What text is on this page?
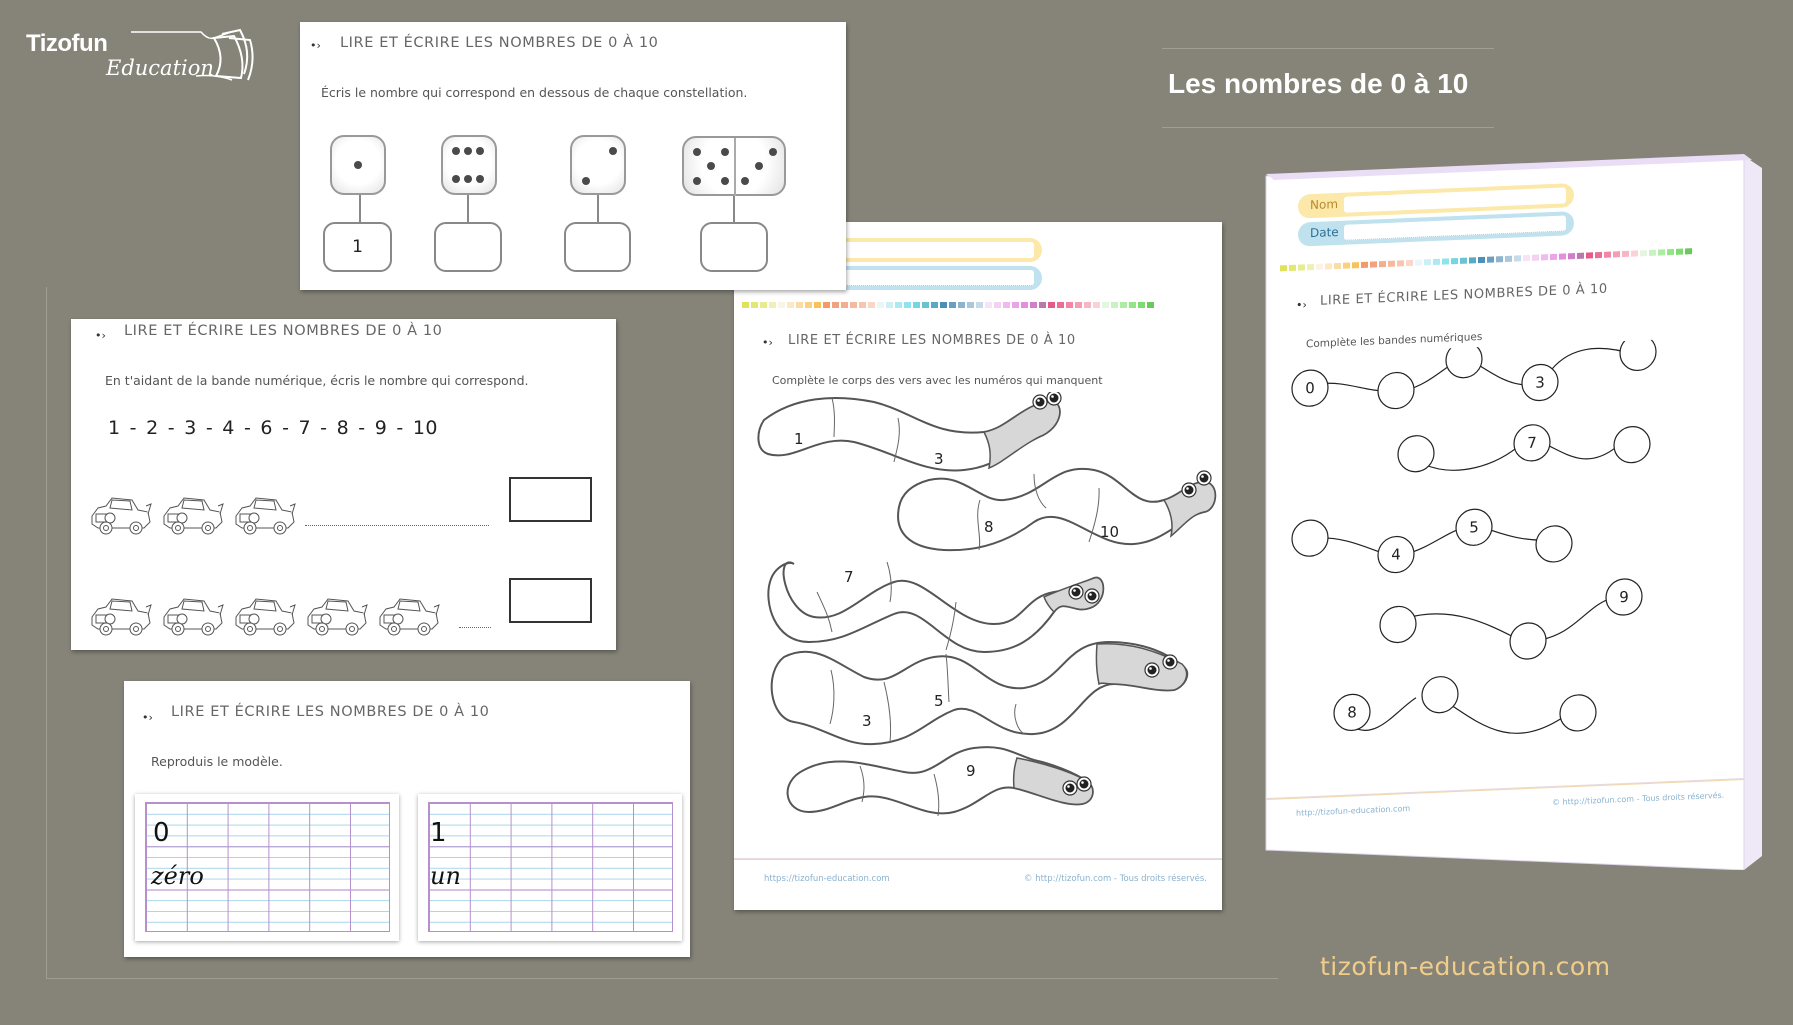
Tizofun
Education	Les nombres de 0 à 10
tizofun-education.com
•› LIRE ET ÉCRIRE LES NOMBRES DE 0 À 10
Complète le corps des vers avec les numéros qui manquent
1
3
8	10
7
3
5
9
https://tizofun-education.com	© http://tizofun.com - Tous droits réservés.
•› LIRE ET ÉCRIRE LES NOMBRES DE 0 À 10
Écris le nombre qui correspond en dessous de chaque constellation.
1
•› LIRE ET ÉCRIRE LES NOMBRES DE 0 À 10
En t'aidant de la bande numérique, écris le nombre qui correspond.
1  -  2  -  3  -  4  -  6  -  7  -  8  -  9  -  10
•› LIRE ET ÉCRIRE LES NOMBRES DE 0 À 10
Reproduis le modèle.
0
zéro
1
un
Nom
Date
•› LIRE ET ÉCRIRE LES NOMBRES DE 0 À 10
Complète les bandes numériques
0	3
7
4
5
9
8
http://tizofun-education.com
© http://tizofun.com - Tous droits réservés.
